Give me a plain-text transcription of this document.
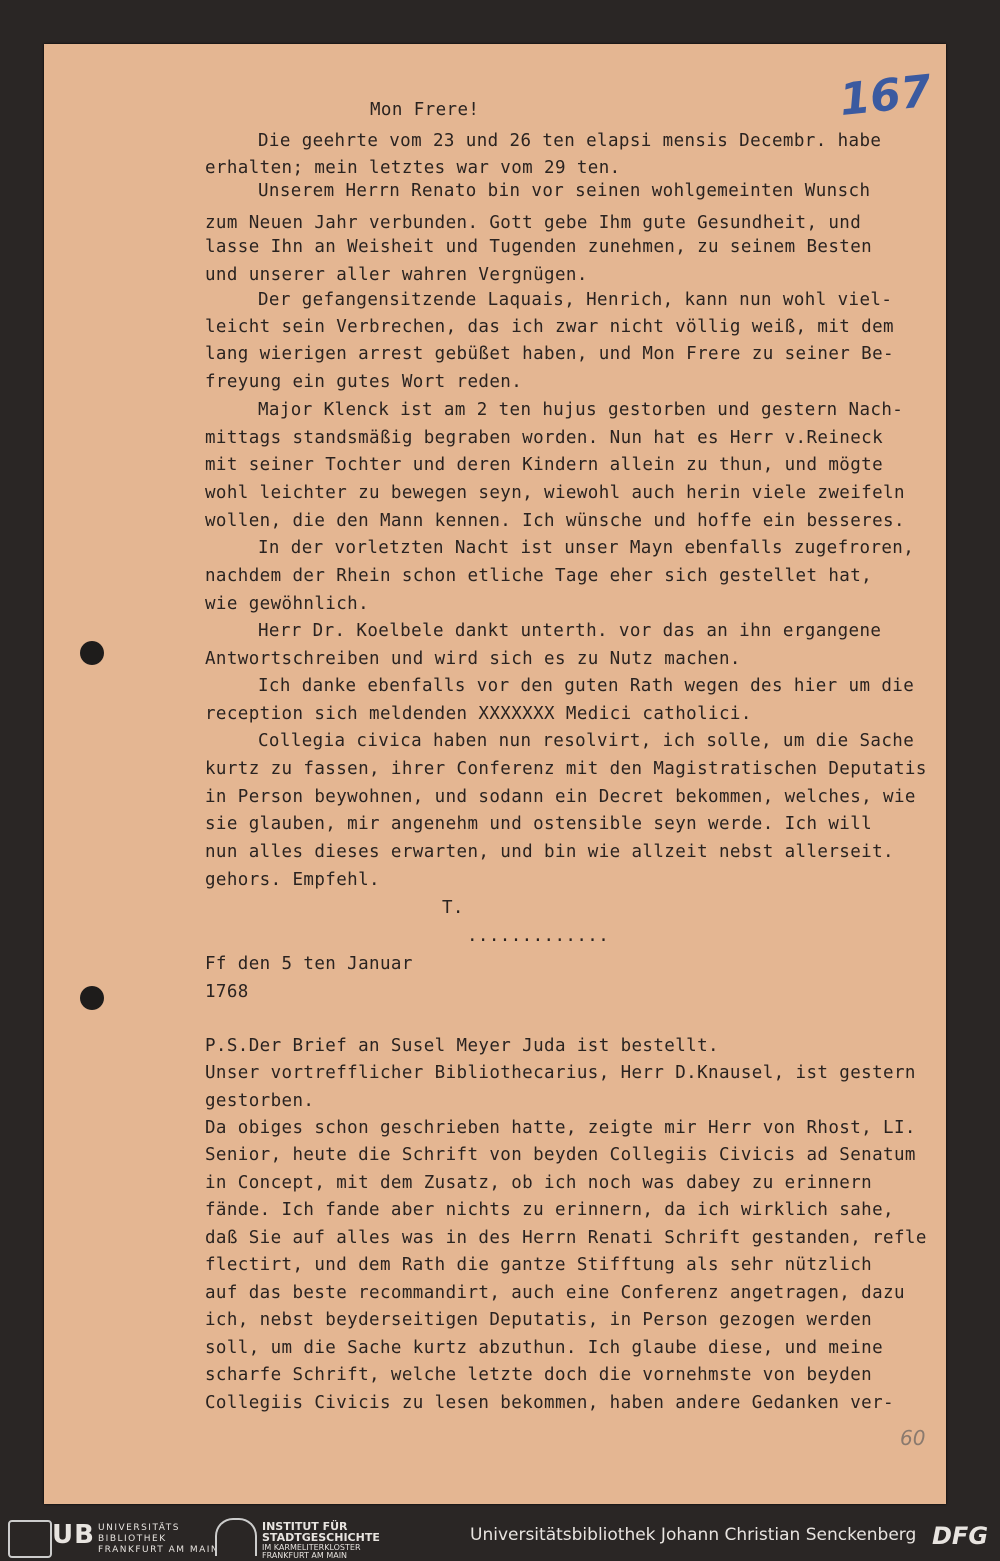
167
Mon Frere!
Die geehrte vom 23 und 26 ten elapsi mensis Decembr. habe
erhalten; mein letztes war vom 29 ten.
Unserem Herrn Renato bin vor seinen wohlgemeinten Wunsch
zum Neuen Jahr verbunden. Gott gebe Ihm gute Gesundheit, und
lasse Ihn an Weisheit und Tugenden zunehmen, zu seinem Besten
und unserer aller wahren Vergnügen.
Der gefangensitzende Laquais, Henrich, kann nun wohl viel-
leicht sein Verbrechen, das ich zwar nicht völlig weiß, mit dem
lang wierigen arrest gebüßet haben, und Mon Frere zu seiner Be-
freyung ein gutes Wort reden.
Major Klenck ist am 2 ten hujus gestorben und gestern Nach-
mittags standsmäßig begraben worden. Nun hat es Herr v.Reineck
mit seiner Tochter und deren Kindern allein zu thun, und mögte
wohl leichter zu bewegen seyn, wiewohl auch herin viele zweifeln
wollen, die den Mann kennen. Ich wünsche und hoffe ein besseres.
In der vorletzten Nacht ist unser Mayn ebenfalls zugefroren,
nachdem der Rhein schon etliche Tage eher sich gestellet hat,
wie gewöhnlich.
Herr Dr. Koelbele dankt unterth. vor das an ihn ergangene
Antwortschreiben und wird sich es zu Nutz machen.
Ich danke ebenfalls vor den guten Rath wegen des hier um die
reception sich meldenden XXXXXXX Medici catholici.
Collegia civica haben nun resolvirt, ich solle, um die Sache
kurtz zu fassen, ihrer Conferenz mit den Magistratischen Deputatis
in Person beywohnen, und sodann ein Decret bekommen, welches, wie
sie glauben, mir angenehm und ostensible seyn werde. Ich will
nun alles dieses erwarten, und bin wie allzeit nebst allerseit.
gehors. Empfehl.
T.
.............
Ff den 5 ten Januar
1768
P.S.Der Brief an Susel Meyer Juda ist bestellt.
Unser vortrefflicher Bibliothecarius, Herr D.Knausel, ist gestern
gestorben.
Da obiges schon geschrieben hatte, zeigte mir Herr von Rhost, LI.
Senior, heute die Schrift von beyden Collegiis Civicis ad Senatum
in Concept, mit dem Zusatz, ob ich noch was dabey zu erinnern
fände. Ich fande aber nichts zu erinnern, da ich wirklich sahe,
daß Sie auf alles was in des Herrn Renati Schrift gestanden, refle
flectirt, und dem Rath die gantze Stifftung als sehr nützlich
auf das beste recommandirt, auch eine Conferenz angetragen, dazu
ich, nebst beyderseitigen Deputatis, in Person gezogen werden
soll, um die Sache kurtz abzuthun. Ich glaube diese, und meine
scharfe Schrift, welche letzte doch die vornehmste von beyden
Collegiis Civicis zu lesen bekommen, haben andere Gedanken ver-
60
UB UNIVERSITÄTS
BIBLIOTHEK
FRANKFURT AM MAIN
INSTITUT FÜR
STADTGESCHICHTE
IM KARMELITERKLOSTER
FRANKFURT AM MAIN
Universitätsbibliothek Johann Christian Senckenberg DFG
